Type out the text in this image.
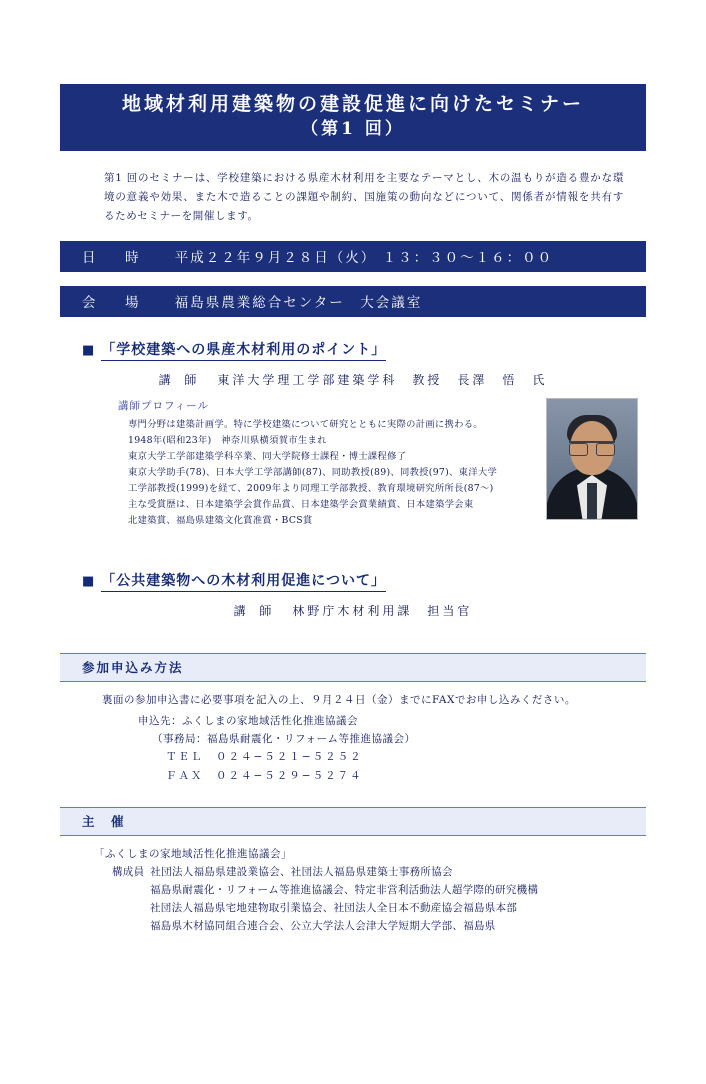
地域材利用建築物の建設促進に向けたセミナー
（第1 回）
第1 回のセミナーは、学校建築における県産木材利用を主要なテーマとし、木の温もりが造る豊かな環境の意義や効果、また木で造ることの課題や制約、国施策の動向などについて、関係者が情報を共有するためセミナーを開催します。
日　時 平成２２年９月２８日（火） １３：３０〜１６：００
会　場 福島県農業総合センター　大会議室
■ 「学校建築への県産木材利用のポイント」
講 師 東洋大学理工学部建築学科　教授　長澤　悟　氏
講師プロフィール
専門分野は建築計画学。特に学校建築について研究とともに実際の計画に携わる。
1948年(昭和23年)　神奈川県横須賀市生まれ
東京大学工学部建築学科卒業、同大学院修士課程・博士課程修了
東京大学助手(78)、日本大学工学部講師(87)、同助教授(89)、同教授(97)、東洋大学
工学部教授(1999)を経て、2009年より同理工学部教授、教育環境研究所所長(87〜)
主な受賞歴は、日本建築学会賞作品賞、日本建築学会賞業績賞、日本建築学会東
北建築賞、福島県建築文化賞准賞・BCS賞
■ 「公共建築物への木材利用促進について」
講 師 林野庁木材利用課　担当官
参加申込み方法
裏面の参加申込書に必要事項を記入の上、９月２４日（金）までにFAXでお申し込みください。
申込先：ふくしまの家地域活性化推進協議会
（事務局：福島県耐震化・リフォーム等推進協議会）
ＴＥＬ　０２４−５２１−５２５２
ＦＡＸ　０２４−５２９−５２７４
主　催
「ふくしまの家地域活性化推進協議会」
構成員 社団法人福島県建設業協会、社団法人福島県建築士事務所協会
福島県耐震化・リフォーム等推進協議会、特定非営利活動法人超学際的研究機構
社団法人福島県宅地建物取引業協会、社団法人全日本不動産協会福島県本部
福島県木材協同組合連合会、公立大学法人会津大学短期大学部、福島県
